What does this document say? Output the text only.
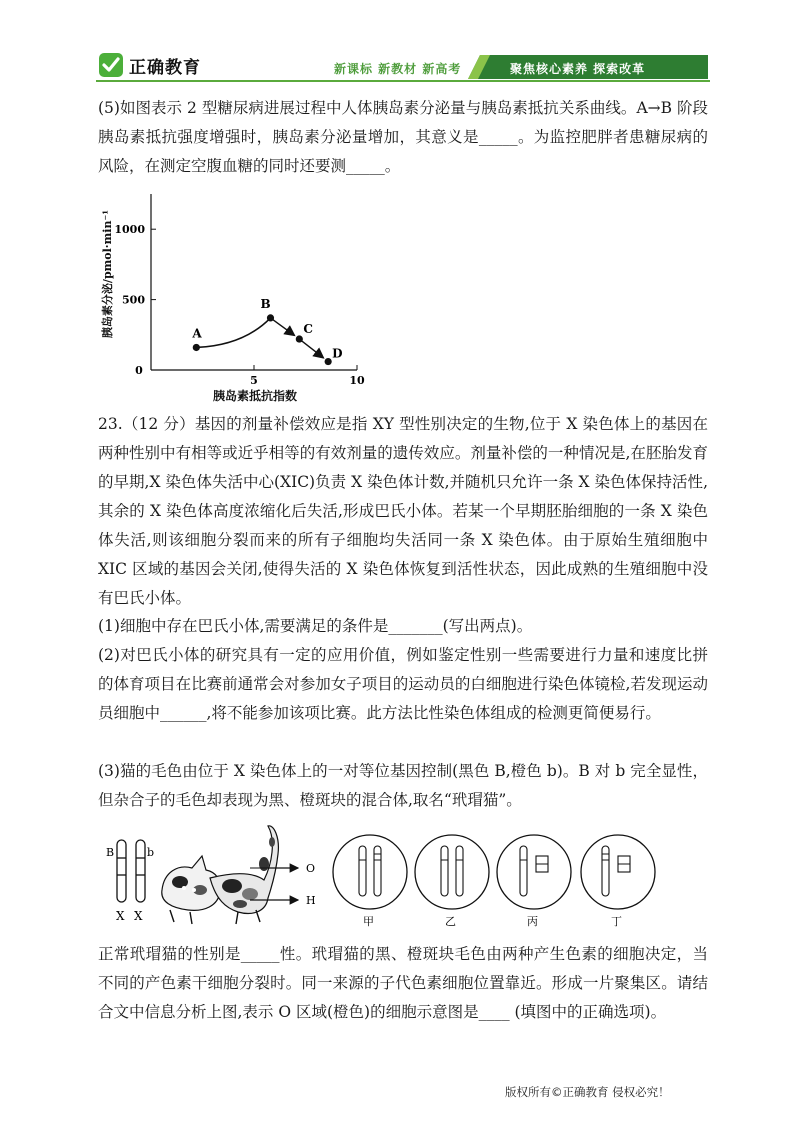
正确教育	新课标 新教材 新高考	聚焦核心素养 探索改革

(5)如图表示 2 型糖尿病进展过程中人体胰岛素分泌量与胰岛素抵抗关系曲线。A→B 阶段胰岛素抵抗强度增强时，胰岛素分泌量增加，其意义是_____。为监控肥胖者患糖尿病的风险，在测定空腹血糖的同时还要测_____。

0
5	10
500
1000
A
B
C
D
胰岛素分泌/pmol·min⁻¹
胰岛素抵抗指数

23.（12 分）基因的剂量补偿效应是指 XY 型性别决定的生物,位于 X 染色体上的基因在两种性别中有相等或近乎相等的有效剂量的遗传效应。剂量补偿的一种情况是,在胚胎发育的早期,X 染色体失活中心(XIC)负责 X 染色体计数,并随机只允许一条 X 染色体保持活性,其余的 X 染色体高度浓缩化后失活,形成巴氏小体。若某一个早期胚胎细胞的一条 X 染色体失活,则该细胞分裂而来的所有子细胞均失活同一条 X 染色体。由于原始生殖细胞中 XIC 区域的基因会关闭,使得失活的 X 染色体恢复到活性状态，因此成熟的生殖细胞中没有巴氏小体。

(1)细胞中存在巴氏小体,需要满足的条件是_______(写出两点)。

(2)对巴氏小体的研究具有一定的应用价值，例如鉴定性别一些需要进行力量和速度比拼的体育项目在比赛前通常会对参加女子项目的运动员的白细胞进行染色体镜检,若发现运动员细胞中______,将不能参加该项比赛。此方法比性染色体组成的检测更简便易行。

(3)猫的毛色由位于 X 染色体上的一对等位基因控制(黑色 B,橙色 b)。B 对 b 完全显性，但杂合子的毛色却表现为黑、橙斑块的混合体,取名“玳瑁猫”。

B	b
X X
O
H
甲	乙	丙	丁

正常玳瑁猫的性别是_____性。玳瑁猫的黑、橙斑块毛色由两种产生色素的细胞决定，当不同的产色素干细胞分裂时。同一来源的子代色素细胞位置靠近。形成一片聚集区。请结合文中信息分析上图,表示 O 区域(橙色)的细胞示意图是____ (填图中的正确选项)。

版权所有©正确教育 侵权必究！
